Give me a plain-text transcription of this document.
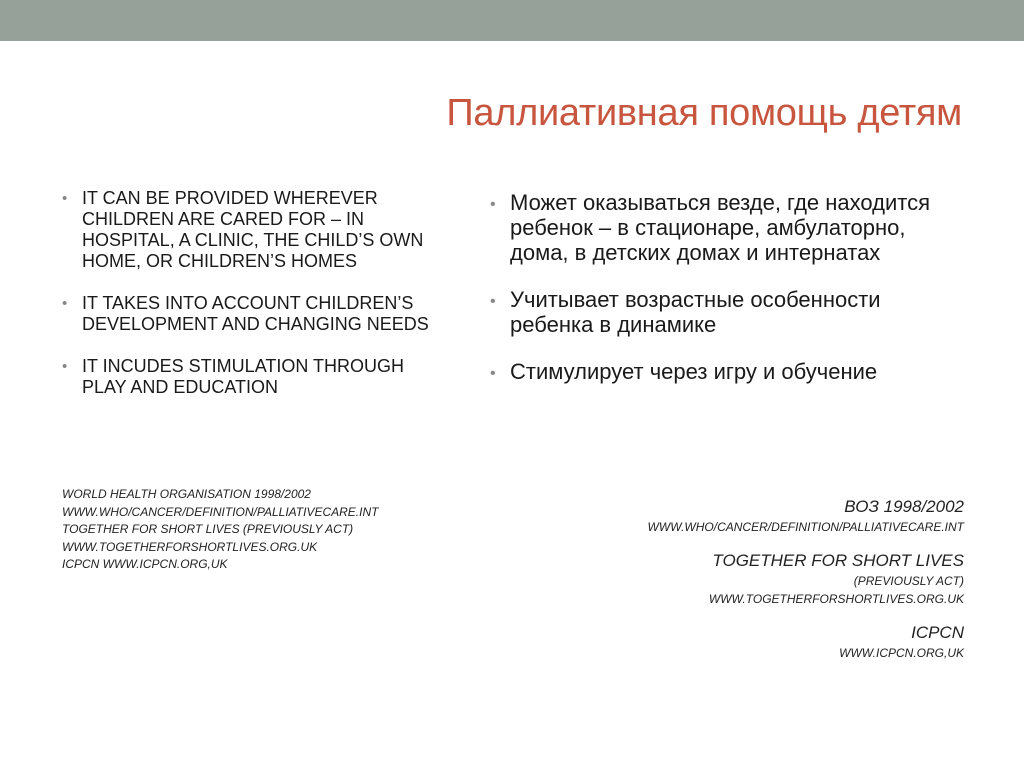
Паллиативная помощь детям
• IT CAN BE PROVIDED WHEREVER CHILDREN ARE CARED FOR – IN HOSPITAL, A CLINIC, THE CHILD’S OWN HOME, OR CHILDREN’S HOMES
• IT TAKES INTO ACCOUNT CHILDREN’S DEVELOPMENT AND CHANGING NEEDS
• IT INCUDES STIMULATION THROUGH PLAY AND EDUCATION
WORLD HEALTH ORGANISATION 1998/2002
WWW.WHO/CANCER/DEFINITION/PALLIATIVECARE.INT
TOGETHER FOR SHORT LIVES (PREVIOUSLY ACT)
WWW.TOGETHERFORSHORTLIVES.ORG.UK
ICPCN WWW.ICPCN.ORG,UK
• Может оказываться везде, где находится ребенок – в стационаре, амбулаторно, дома, в детских домах и интернатах
• Учитывает возрастные особенности ребенка в динамике
• Стимулирует через игру и обучение
ВОЗ 1998/2002
WWW.WHO/CANCER/DEFINITION/PALLIATIVECARE.INT
TOGETHER FOR SHORT LIVES
(PREVIOUSLY ACT)
WWW.TOGETHERFORSHORTLIVES.ORG.UK
ICPCN
WWW.ICPCN.ORG,UK
